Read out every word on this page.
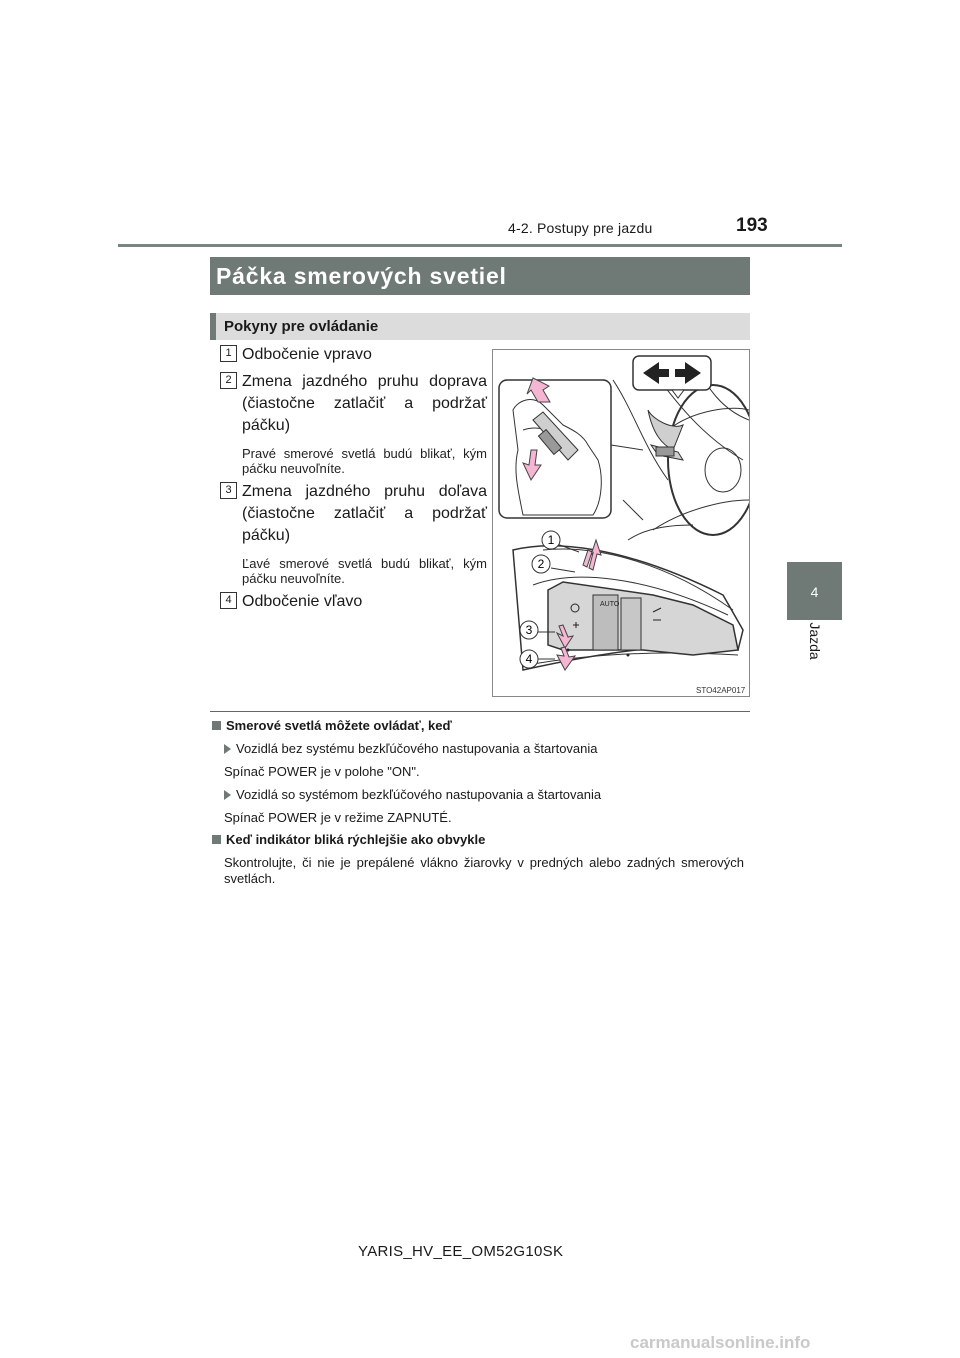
4-2. Postupy pre jazdu	193
4
Jazda
Páčka smerových svetiel
Pokyny pre ovládanie
1 Odbočenie vpravo
2 Zmena jazdného pruhu doprava (čiastočne zatlačiť a podržať páčku)
Pravé smerové svetlá budú blikať, kým páčku neuvoľníte.
3 Zmena jazdného pruhu doľava (čiastočne zatlačiť a podržať páčku)
Ľavé smerové svetlá budú blikať, kým páčku neuvoľníte.
4 Odbočenie vľavo	AUTO
1
2
3
4
STO42AP017
Smerové svetlá môžete ovládať, keď
Vozidlá bez systému bezkľúčového nastupovania a štartovania
Spínač POWER je v polohe "ON".
Vozidlá so systémom bezkľúčového nastupovania a štartovania
Spínač POWER je v režime ZAPNUTÉ.
Keď indikátor bliká rýchlejšie ako obvykle
Skontrolujte, či nie je prepálené vlákno žiarovky v predných alebo zadných smerových svetlách.
YARIS_HV_EE_OM52G10SK
carmanualsonline.info
